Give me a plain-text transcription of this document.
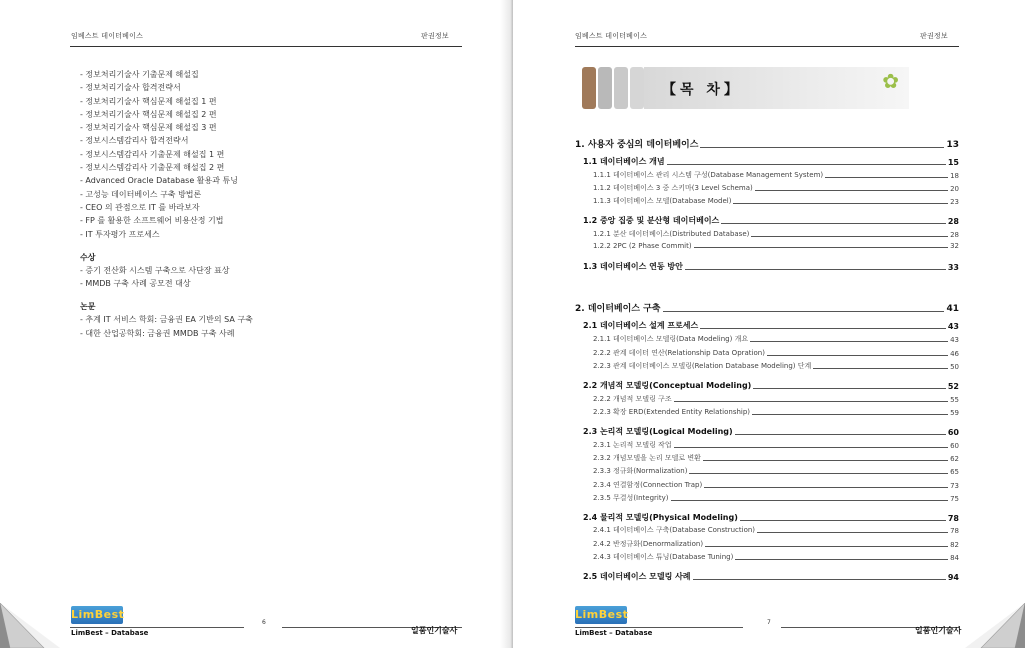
임베스트 데이터베이스	판권정보
- 정보처리기술사 기출문제 해설집
- 정보처리기술사 합격전략서
- 정보처리기술사 핵심문제 해설집 1 편
- 정보처리기술사 핵심문제 해설집 2 편
- 정보처리기술사 핵심문제 해설집 3 편
- 정보시스템감리사 합격전략서
- 정보시스템감리사 기출문제 해설집 1 편
- 정보시스템감리사 기출문제 해설집 2 편
- Advanced Oracle Database 활용과 튜닝
- 고성능 데이터베이스 구축 방법론
- CEO 의 관점으로 IT 를 바라보자
- FP 를 활용한 소프트웨어 비용산정 기법
- IT 투자평가 프로세스
수상
- 증기 전산화 시스템 구축으로 사단장 표상
- MMDB 구축 사례 공모전 대상
논문
- 추계 IT 서비스 학회: 금융권 EA 기반의 SA 구축
- 대한 산업공학회: 금융권 MMDB 구축 사례
LimBest
LimBest – Database	일품인기술사
6
임베스트 데이터베이스	판권정보
【목 차】	✿
1. 사용자 중심의 데이터베이스	13
1.1 데이터베이스 개념	15
1.1.1 데이터베이스 관리 시스템 구성(Database Management System)	18
1.1.2 데이터베이스 3 중 스키마(3 Level Schema)	20
1.1.3 데이터베이스 모델(Database Model)	23
1.2 중앙 집중 및 분산형 데이터베이스	28
1.2.1 분산 데이터베이스(Distributed Database)	28
1.2.2 2PC (2 Phase Commit)	32
1.3 데이터베이스 연동 방안	33
2. 데이터베이스 구축	41
2.1 데이터베이스 설계 프로세스	43
2.1.1 데이터베이스 모델링(Data Modeling) 개요	43
2.2.2 관계 데이터 연산(Relationship Data Opration)	46
2.2.3 관계 데이터베이스 모델링(Relation Database Modeling) 단계	50
2.2 개념적 모델링(Conceptual Modeling)	52
2.2.2 개념적 모델링 구조	55
2.2.3 확장 ERD(Extended Entity Relationship)	59
2.3 논리적 모델링(Logical Modeling)	60
2.3.1 논리적 모델링 작업	60
2.3.2 개념모델을 논리 모델로 변환	62
2.3.3 정규화(Normalization)	65
2.3.4 연결함정(Connection Trap)	73
2.3.5 무결성(Integrity)	75
2.4 물리적 모델링(Physical Modeling)	78
2.4.1 데이터베이스 구축(Database Construction)	78
2.4.2 반정규화(Denormalization)	82
2.4.3 데이터베이스 튜닝(Database Tuning)	84
2.5 데이터베이스 모델링 사례	94
LimBest
LimBest – Database	일품인기술사
7
